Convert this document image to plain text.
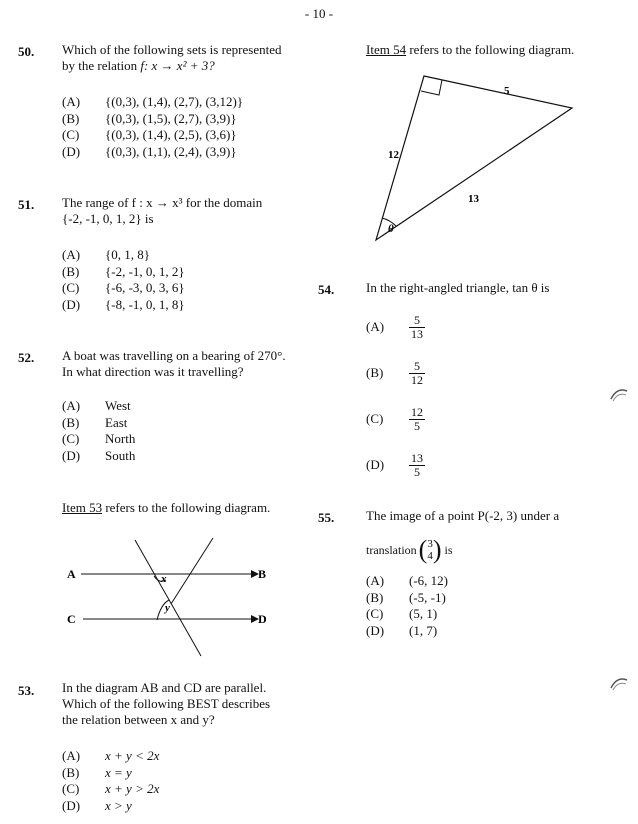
- 10 -
50. Which of the following sets is represented
by the relation f: x → x² + 3?
(A) {(0,3), (1,4), (2,7), (3,12)}
(B) {(0,3), (1,5), (2,7), (3,9)}
(C) {(0,3), (1,4), (2,5), (3,6)}
(D) {(0,3), (1,1), (2,4), (3,9)}
51. The range of f : x → x³ for the domain
{-2, -1, 0, 1, 2} is
(A) {0, 1, 8}
(B) {-2, -1, 0, 1, 2}
(C) {-6, -3, 0, 3, 6}
(D) {-8, -1, 0, 1, 8}
52. A boat was travelling on a bearing of 270°.
In what direction was it travelling?
(A) West
(B) East
(C) North
(D) South
Item 53 refers to the following diagram.
A	B
C	D
x
y
53. In the diagram AB and CD are parallel.
Which of the following BEST describes
the relation between x and y?
(A) x + y < 2x
(B) x = y
(C) x + y > 2x
(D) x > y
Item 54 refers to the following diagram.
5
12
13
θ
54. In the right-angled triangle, tan θ is
(A)	$\frac{5}{13}$
(B)	$\frac{5}{12}$
(C)	$\frac{12}{5}$
(D)	$\frac{13}{5}$
55. The image of a point P(-2, 3) under a
translation ( 3
4 ) is
(A) (-6, 12)
(B) (-5, -1)
(C) (5, 1)
(D) (1, 7)
